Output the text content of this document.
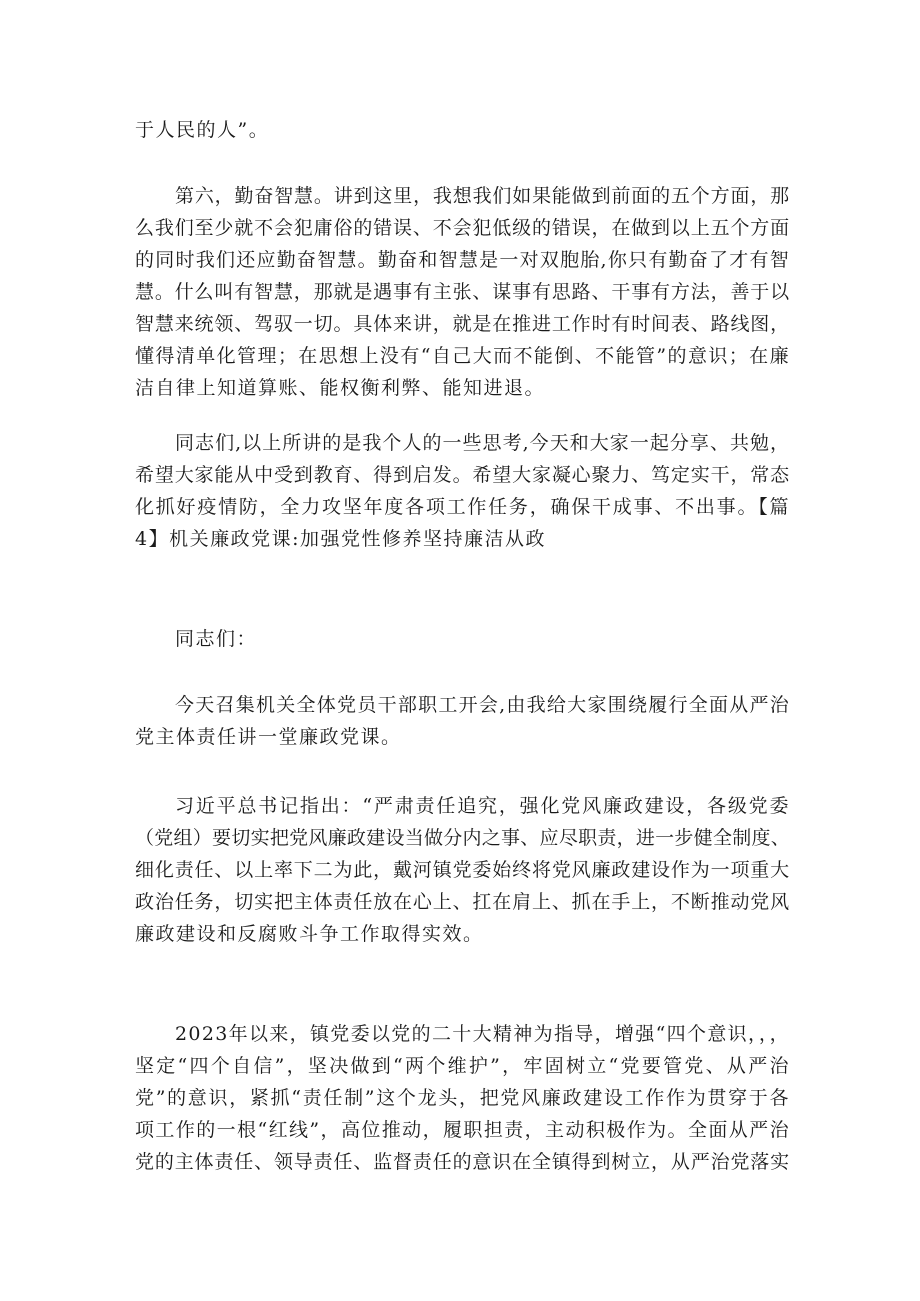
于人民的人”。
第六，勤奋智慧。讲到这里，我想我们如果能做到前面的五个方面，那
么我们至少就不会犯庸俗的错误、不会犯低级的错误，在做到以上五个方面
的同时我们还应勤奋智慧。勤奋和智慧是一对双胞胎,你只有勤奋了才有智
慧。什么叫有智慧，那就是遇事有主张、谋事有思路、干事有方法，善于以
智慧来统领、驾驭一切。具体来讲，就是在推进工作时有时间表、路线图，
懂得清单化管理；在思想上没有“自己大而不能倒、不能管”的意识；在廉
洁自律上知道算账、能权衡利弊、能知进退。
同志们,以上所讲的是我个人的一些思考,今天和大家一起分享、共勉，
希望大家能从中受到教育、得到启发。希望大家凝心聚力、笃定实干，常态
化抓好疫情防，全力攻坚年度各项工作任务，确保干成事、不出事。【篇
4】机关廉政党课:加强党性修养坚持廉洁从政
同志们：
今天召集机关全体党员干部职工开会,由我给大家围绕履行全面从严治
党主体责任讲一堂廉政党课。
习近平总书记指出：“严肃责任追究，强化党风廉政建设，各级党委
（党组）要切实把党风廉政建设当做分内之事、应尽职责，进一步健全制度、
细化责任、以上率下二为此，戴河镇党委始终将党风廉政建设作为一项重大
政治任务，切实把主体责任放在心上、扛在肩上、抓在手上，不断推动党风
廉政建设和反腐败斗争工作取得实效。
2023年以来，镇党委以党的二十大精神为指导，增强“四个意识，，，
坚定“四个自信”，坚决做到“两个维护”，牢固树立“党要管党、从严治
党”的意识，紧抓“责任制”这个龙头，把党风廉政建设工作作为贯穿于各
项工作的一根“红线”，高位推动，履职担责，主动积极作为。全面从严治
党的主体责任、领导责任、监督责任的意识在全镇得到树立，从严治党落实
